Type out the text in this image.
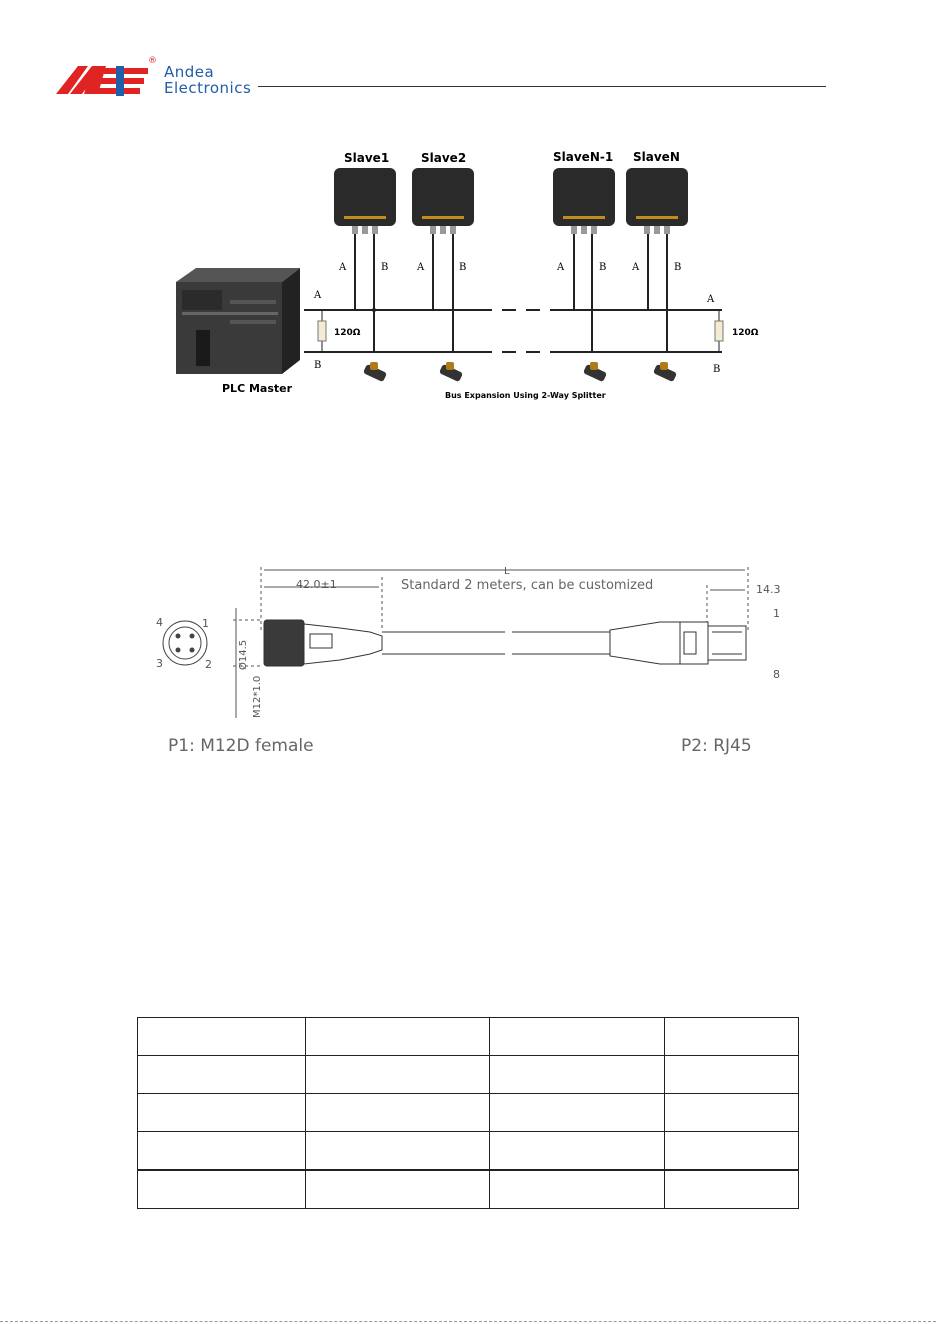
®
Andea
Electronics
PLC Master
120Ω	120Ω
A
B
A
B
Slave1	Slave2	SlaveN-1 SlaveN
A	B	A	B	A	B	A	B
Bus Expansion Using 2-Way Splitter
L
42.0±1	Standard 2 meters, can be customized	14.3
Ø14.5
M12*1.0
1
2
3
4
1
8
P1: M12D female	P2: RJ45
